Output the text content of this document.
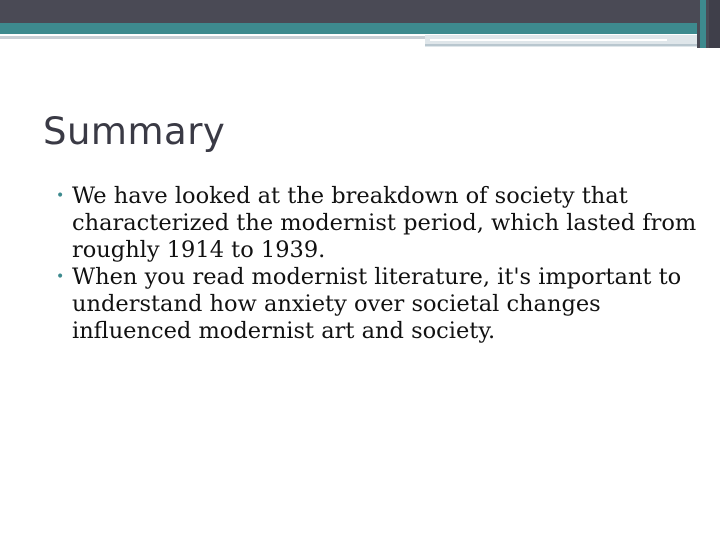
Summary
• We have looked at the breakdown of society that characterized the modernist period, which lasted from roughly 1914 to 1939.
• When you read modernist literature, it's important to understand how anxiety over societal changes influenced modernist art and society.
